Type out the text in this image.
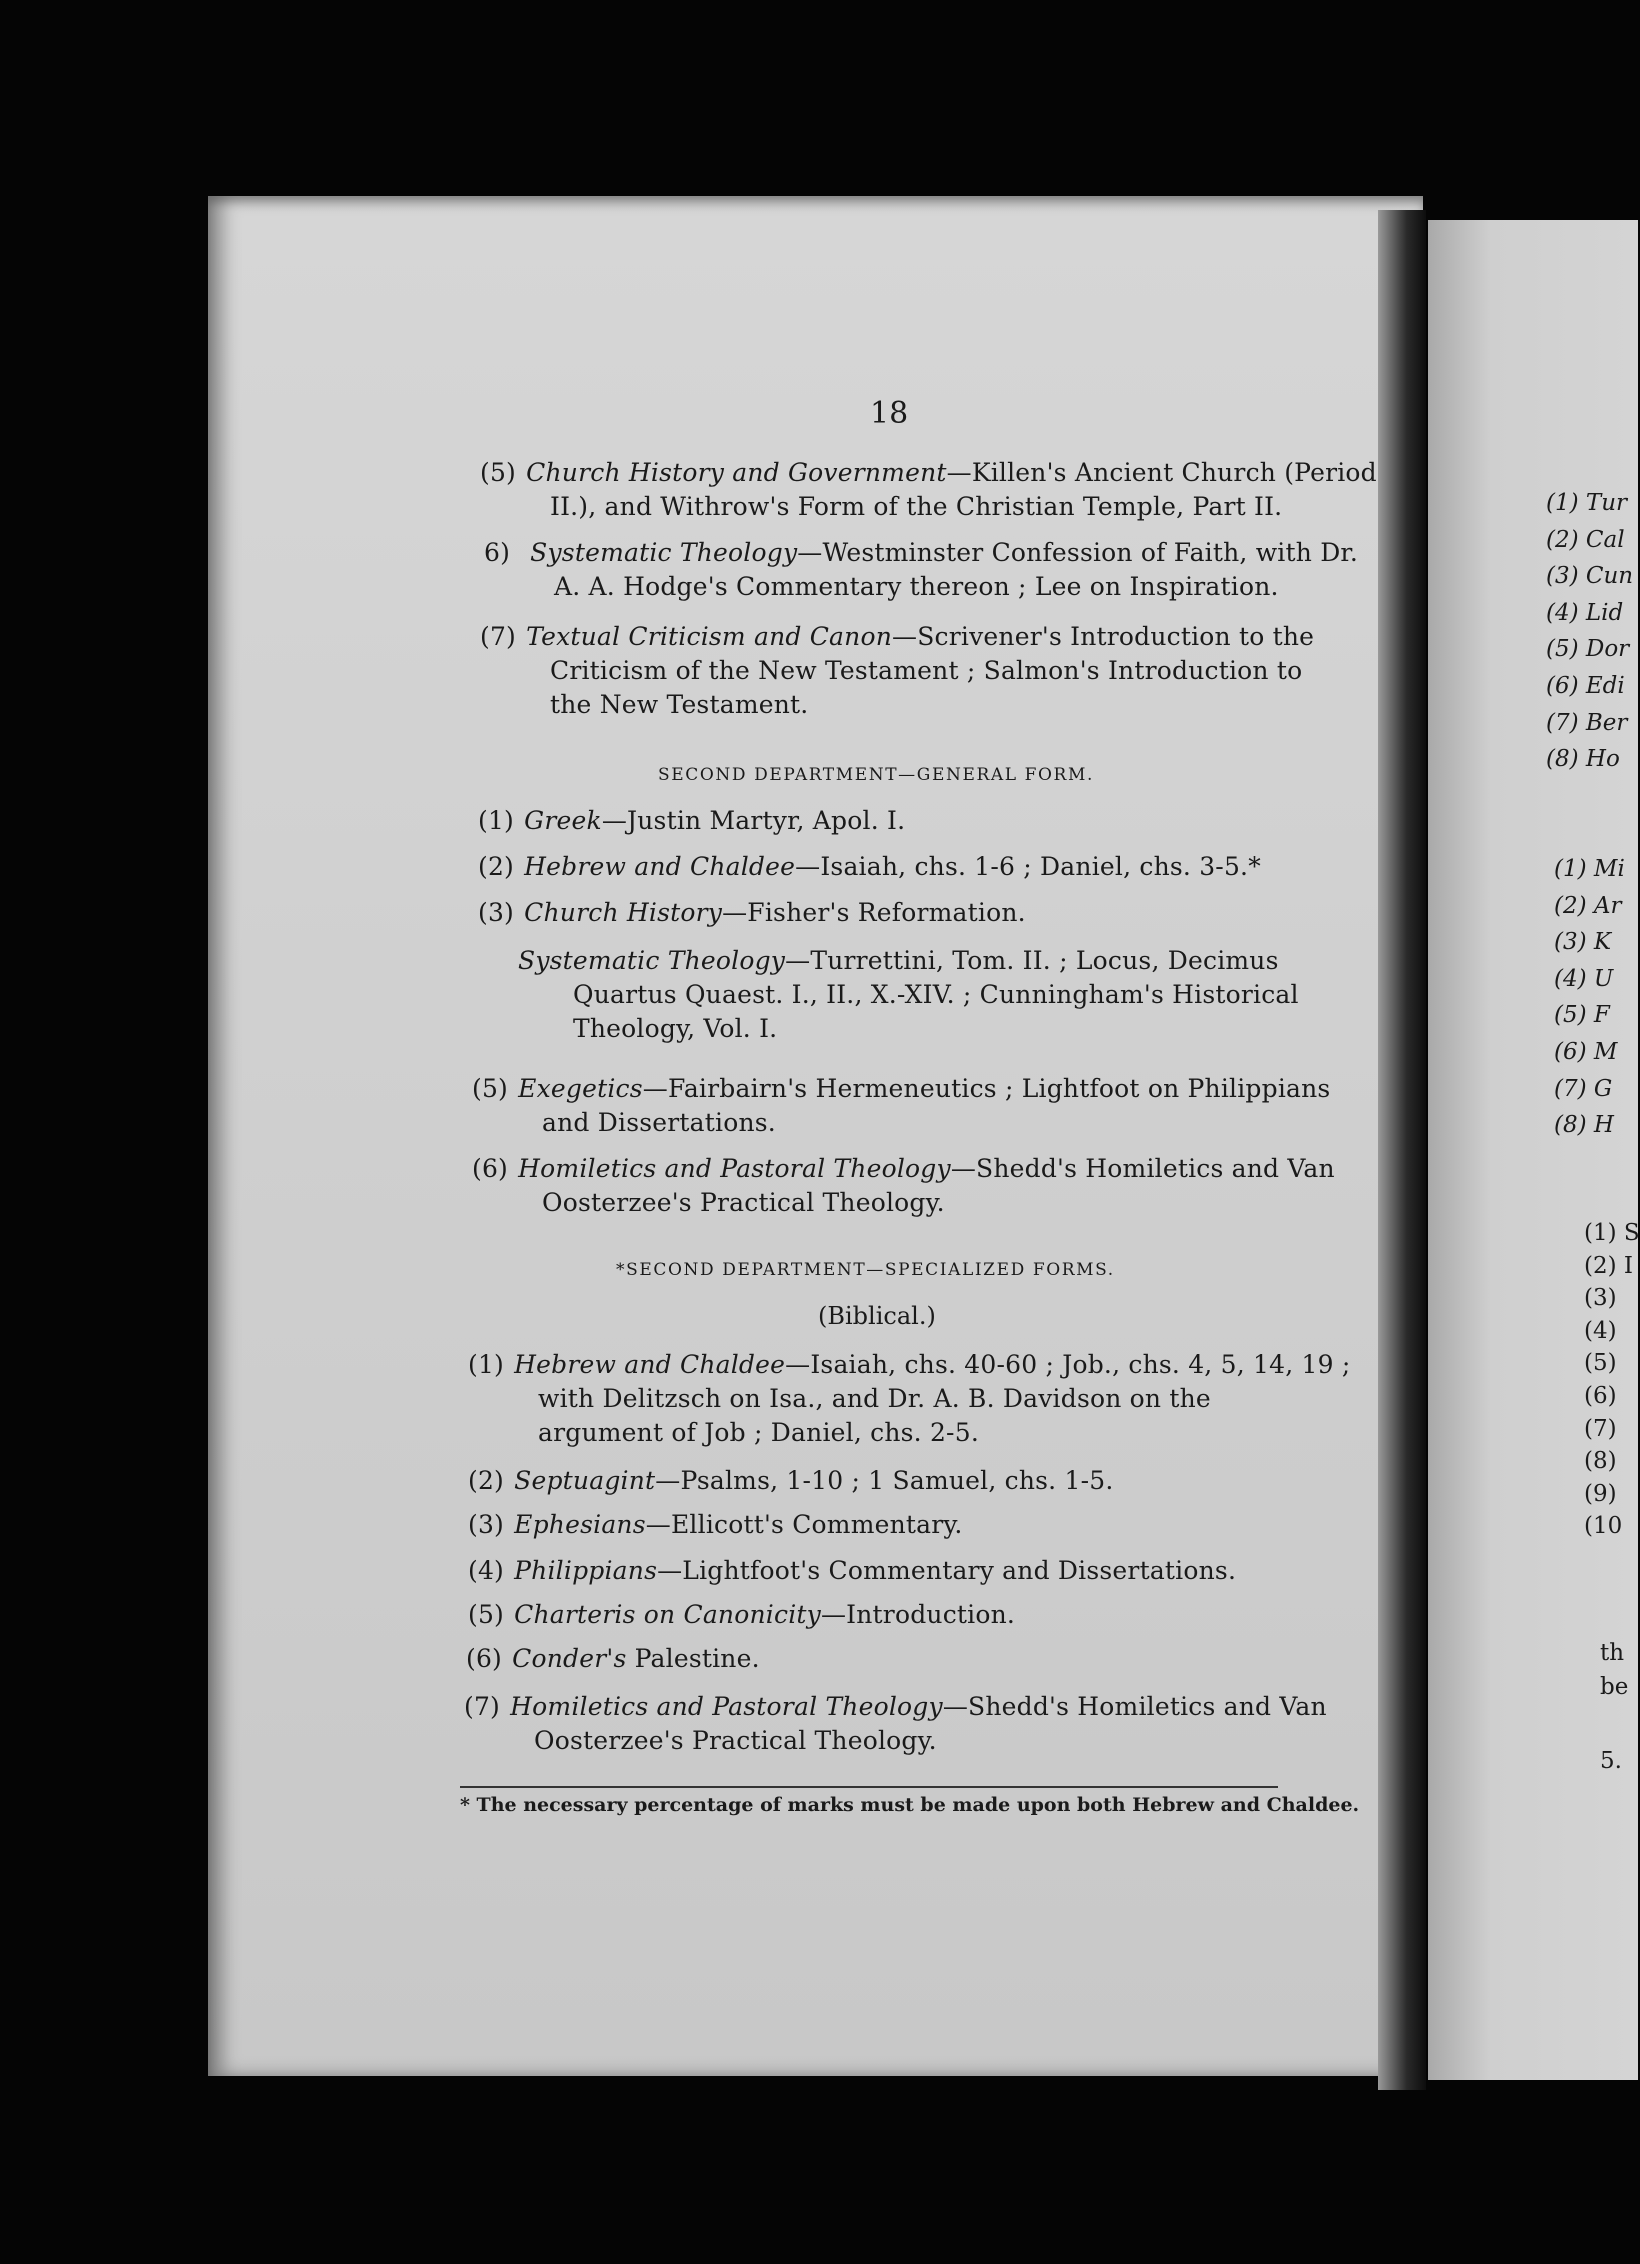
(1) Tur
(2) Cal
(3) Cun
(4) Lid
(5) Dor
(6) Edi
(7) Ber
(8) Ho
(1) Mi
(2) Ar
(3) K
(4) U
(5) F
(6) M
(7) G
(8) H
(1) S
(2) I
(3)
(4)
(5)
(6)
(7)
(8)
(9)
(10
th
be
5.
18
(5) Church History and Government—Killen's Ancient Church (Period
II.), and Withrow's Form of the Christian Temple, Part II.
6) Systematic Theology—Westminster Confession of Faith, with Dr.
A. A. Hodge's Commentary thereon ; Lee on Inspiration.
(7) Textual Criticism and Canon—Scrivener's Introduction to the
Criticism of the New Testament ; Salmon's Introduction to
the New Testament.
SECOND DEPARTMENT—GENERAL FORM.
(1) Greek—Justin Martyr, Apol. I.
(2) Hebrew and Chaldee—Isaiah, chs. 1-6 ; Daniel, chs. 3-5.*
(3) Church History—Fisher's Reformation.
Systematic Theology—Turrettini, Tom. II. ; Locus, Decimus
Quartus Quaest. I., II., X.-XIV. ; Cunningham's Historical
Theology, Vol. I.
(5) Exegetics—Fairbairn's Hermeneutics ; Lightfoot on Philippians
and Dissertations.
(6) Homiletics and Pastoral Theology—Shedd's Homiletics and Van
Oosterzee's Practical Theology.
*SECOND DEPARTMENT—SPECIALIZED FORMS.
(Biblical.)
(1) Hebrew and Chaldee—Isaiah, chs. 40-60 ; Job., chs. 4, 5, 14, 19 ;
with Delitzsch on Isa., and Dr. A. B. Davidson on the
argument of Job ; Daniel, chs. 2-5.
(2) Septuagint—Psalms, 1-10 ; 1 Samuel, chs. 1-5.
(3) Ephesians—Ellicott's Commentary.
(4) Philippians—Lightfoot's Commentary and Dissertations.
(5) Charteris on Canonicity—Introduction.
(6) Conder's Palestine.
(7) Homiletics and Pastoral Theology—Shedd's Homiletics and Van
Oosterzee's Practical Theology.
* The necessary percentage of marks must be made upon both Hebrew and Chaldee.
